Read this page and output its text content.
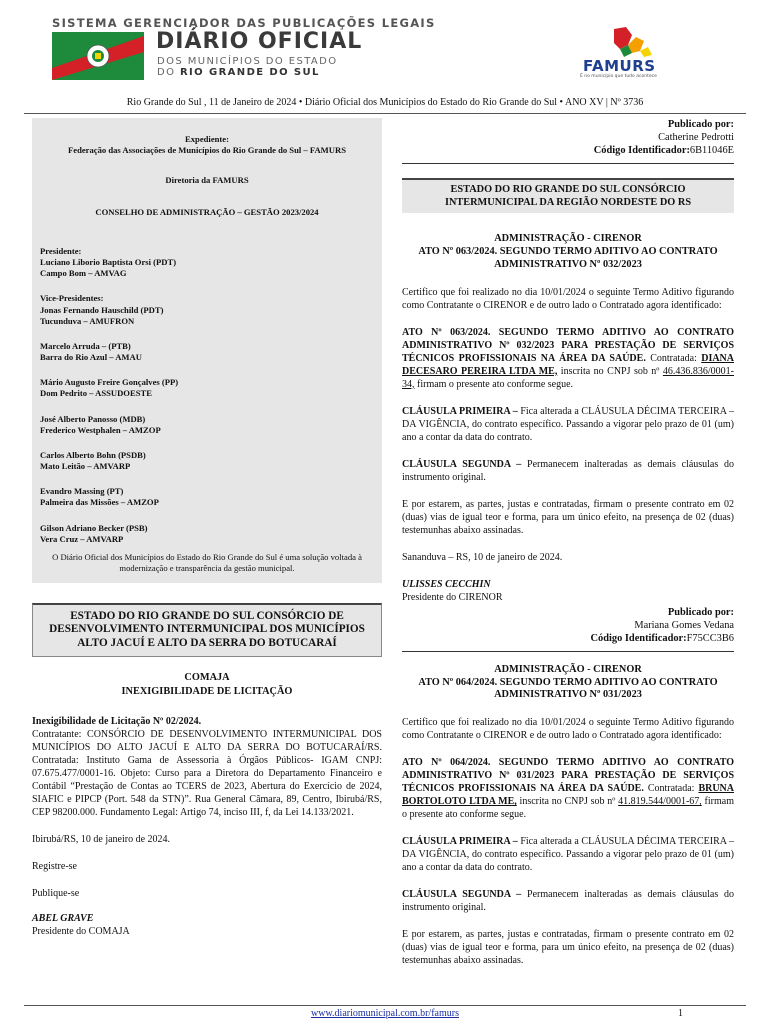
SISTEMA GERENCIADOR DAS PUBLICAÇÕES LEGAIS
DIÁRIO OFICIAL
DOS MUNICÍPIOS DO ESTADO
DO RIO GRANDE DO SUL	FAMURS
É no município que tudo acontece
Rio Grande do Sul , 11 de Janeiro de 2024 • Diário Oficial dos Municípios do Estado do Rio Grande do Sul • ANO XV | Nº 3736
Expediente:
Federação das Associações de Municípios do Rio Grande do Sul – FAMURS
Diretoria da FAMURS
CONSELHO DE ADMINISTRAÇÃO – GESTÃO 2023/2024
Presidente:
Luciano Liborio Baptista Orsi (PDT)
Campo Bom – AMVAG
Vice-Presidentes:
Jonas Fernando Hauschild (PDT)
Tucunduva – AMUFRON
Marcelo Arruda – (PTB)
Barra do Rio Azul – AMAU
Mário Augusto Freire Gonçalves (PP)
Dom Pedrito – ASSUDOESTE
José Alberto Panosso (MDB)
Frederico Westphalen – AMZOP
Carlos Alberto Bohn (PSDB)
Mato Leitão – AMVARP
Evandro Massing (PT)
Palmeira das Missões – AMZOP
Gilson Adriano Becker (PSB)
Vera Cruz – AMVARP
O Diário Oficial dos Municípios do Estado do Rio Grande do Sul é uma solução voltada à modernização e transparência da gestão municipal.
ESTADO DO RIO GRANDE DO SUL CONSÓRCIO DE DESENVOLVIMENTO INTERMUNICIPAL DOS MUNICÍPIOS ALTO JACUÍ E ALTO DA SERRA DO BOTUCARAÍ
COMAJA
INEXIGIBILIDADE DE LICITAÇÃO

Inexigibilidade de Licitação Nº 02/2024.

Contratante: CONSÓRCIO DE DESENVOLVIMENTO INTERMUNICIPAL DOS MUNICÍPIOS DO ALTO JACUÍ E ALTO DA SERRA DO BOTUCARAÍ/RS. Contratada: Instituto Gama de Assessoria à Órgãos Públicos- IGAM CNPJ: 07.675.477/0001-16. Objeto: Curso para a Diretora do Departamento Financeiro e Contábil “Prestação de Contas ao TCERS de 2023, Abertura do Exercício de 2024, SIAFIC e PIPCP (Port. 548 da STN)”. Rua General Câmara, 89, Centro, Ibirubá/RS, CEP 98200.000. Fundamento Legal: Artigo 74, inciso III, f, da Lei 14.133/2021.

Ibirubá/RS, 10 de janeiro de 2024.

Registre-se

Publique-se

ABEL GRAVE
Presidente do COMAJA
Publicado por:
Catherine Pedrotti
Código Identificador:6B11046E
ESTADO DO RIO GRANDE DO SUL CONSÓRCIO INTERMUNICIPAL DA REGIÃO NORDESTE DO RS
ADMINISTRAÇÃO - CIRENOR
ATO Nº 063/2024. SEGUNDO TERMO ADITIVO AO CONTRATO ADMINISTRATIVO Nº 032/2023

Certifico que foi realizado no dia 10/01/2024 o seguinte Termo Aditivo figurando como Contratante o CIRENOR e de outro lado o Contratado agora identificado:

ATO Nº 063/2024. SEGUNDO TERMO ADITIVO AO CONTRATO ADMINISTRATIVO Nº 032/2023 PARA PRESTAÇÃO DE SERVIÇOS TÉCNICOS PROFISSIONAIS NA ÁREA DA SAÚDE. Contratada: DIANA DECESARO PEREIRA LTDA ME, inscrita no CNPJ sob nº 46.436.836/0001-34, firmam o presente ato conforme segue.

CLÁUSULA PRIMEIRA – Fica alterada a CLÁUSULA DÉCIMA TERCEIRA – DA VIGÊNCIA, do contrato específico. Passando a vigorar pelo prazo de 01 (um) ano a contar da data do contrato.

CLÁUSULA SEGUNDA – Permanecem inalteradas as demais cláusulas do instrumento original.

E por estarem, as partes, justas e contratadas, firmam o presente contrato em 02 (duas) vias de igual teor e forma, para um único efeito, na presença de 02 (duas) testemunhas abaixo assinadas.

Sananduva – RS, 10 de janeiro de 2024.

ULISSES CECCHIN
Presidente do CIRENOR
Publicado por:
Mariana Gomes Vedana
Código Identificador:F75CC3B6
ADMINISTRAÇÃO - CIRENOR
ATO Nº 064/2024. SEGUNDO TERMO ADITIVO AO CONTRATO ADMINISTRATIVO Nº 031/2023

Certifico que foi realizado no dia 10/01/2024 o seguinte Termo Aditivo figurando como Contratante o CIRENOR e de outro lado o Contratado agora identificado:

ATO Nº 064/2024. SEGUNDO TERMO ADITIVO AO CONTRATO ADMINISTRATIVO Nº 031/2023 PARA PRESTAÇÃO DE SERVIÇOS TÉCNICOS PROFISSIONAIS NA ÁREA DA SAÚDE. Contratada: BRUNA BORTOLOTO LTDA ME, inscrita no CNPJ sob nº 41.819.544/0001-67, firmam o presente ato conforme segue.

CLÁUSULA PRIMEIRA – Fica alterada a CLÁUSULA DÉCIMA TERCEIRA – DA VIGÊNCIA, do contrato específico. Passando a vigorar pelo prazo de 01 (um) ano a contar da data do contrato.

CLÁUSULA SEGUNDA – Permanecem inalteradas as demais cláusulas do instrumento original.

E por estarem, as partes, justas e contratadas, firmam o presente contrato em 02 (duas) vias de igual teor e forma, para um único efeito, na presença de 02 (duas) testemunhas abaixo assinadas.

www.diariomunicipal.com.br/famurs	1
